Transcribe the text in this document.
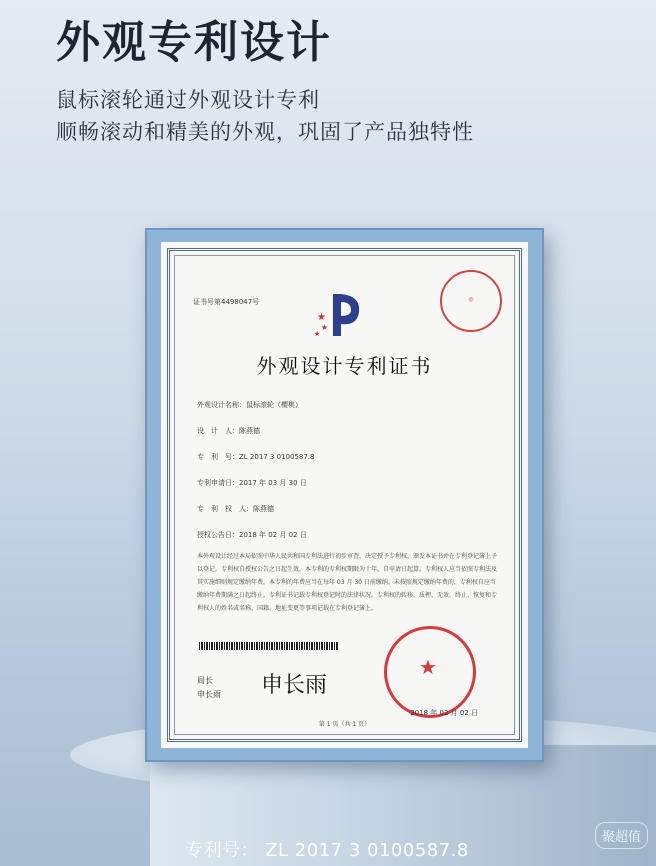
外观专利设计
鼠标滚轮通过外观设计专利
顺畅滚动和精美的外观，巩固了产品独特性
证书号第4498047号
★
★
★
◎
外观设计专利证书
外观设计名称：鼠标滚轮（樱桃）
设　计　人：陈燕德
专　利　号：ZL 2017 3 0100587.8
专利申请日：2017 年 03 月 30 日
专　利　权　人：陈燕德
授权公告日：2018 年 02 月 02 日
本外观设计经过本局依照中华人民共和国专利法进行初步审查，决定授予专利权，颁发本证书并在专利登记簿上予以登记。专利权自授权公告之日起生效。本专利的专利权期限为十年，自申请日起算。专利权人应当依照专利法及其实施细则规定缴纳年费。本专利的年费应当在每年 03 月 30 日前缴纳。未按照规定缴纳年费的，专利权自应当缴纳年费期满之日起终止。专利证书记载专利权登记时的法律状况。专利权的转移、质押、无效、终止、恢复和专利权人的姓名或名称、国籍、地址变更等事项记载在专利登记簿上。
局长
申长雨 申长雨
★
2018 年 02 月 02 日
第 1 页（共 1 页）
专利号： ZL 2017 3 0100587.8
聚超值
